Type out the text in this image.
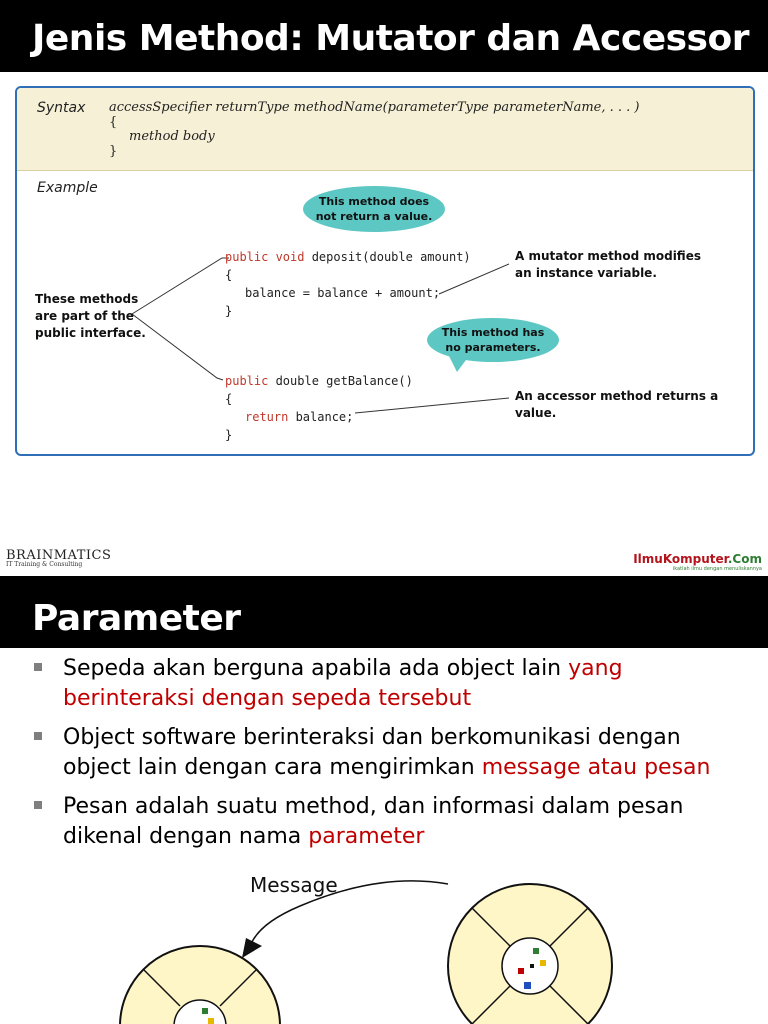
Jenis Method: Mutator dan Accessor
Syntax accessSpecifier returnType methodName(parameterType parameterName, . . . )
{
method body
}
Example
This method does
not return a value.
This method has
no parameters.
public void deposit(double amount)
{
balance = balance + amount;
}
public double getBalance()
{
return balance;
}
These methods
are part of the
public interface.
A mutator method modifies
an instance variable.
An accessor method returns a value.
BRAINMATICS
IT Training & Consulting	IlmuKomputer.Com
ikatlah ilmu dengan menuliskannya
Parameter
Sepeda akan berguna apabila ada object lain yang berinteraksi dengan sepeda tersebut
Object software berinteraksi dan berkomunikasi dengan object lain dengan cara mengirimkan message atau pesan
Pesan adalah suatu method, dan informasi dalam pesan dikenal dengan nama parameter
Message
